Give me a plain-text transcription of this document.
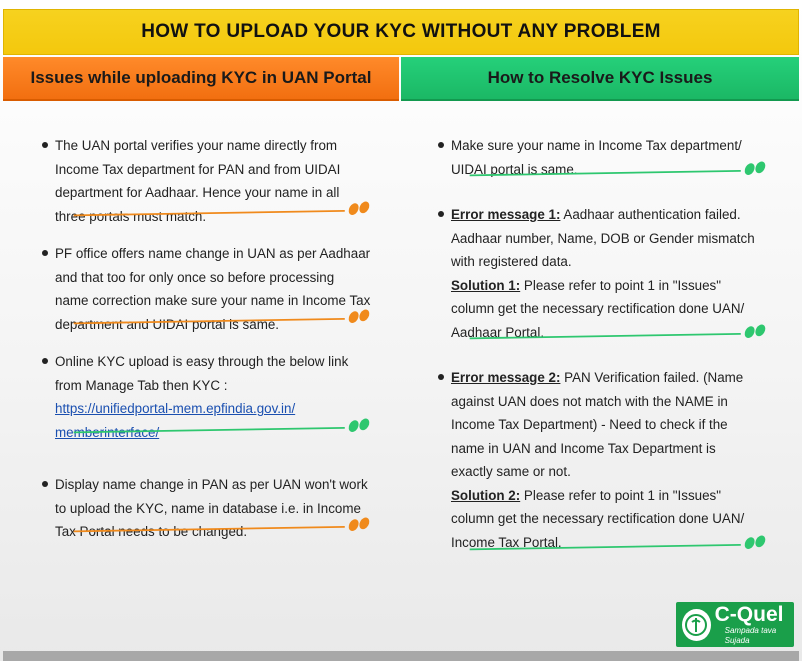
HOW TO UPLOAD YOUR KYC WITHOUT ANY PROBLEM
Issues while uploading KYC in UAN Portal	How to Resolve KYC Issues
The UAN portal verifies your name directly from
Income Tax department for PAN and from UIDAI
department for Aadhaar. Hence your name in all
three portals must match.
PF office offers name change in UAN as per Aadhaar
and that too for only once so before processing
name correction make sure your name in Income Tax
department and UIDAI portal is same.
Online KYC upload is easy through the below link
from Manage Tab then KYC :
https://unifiedportal-mem.epfindia.gov.in/
memberinterface/
Display name change in PAN as per UAN won't work
to upload the KYC, name in database i.e. in Income
Tax Portal needs to be changed.
Make sure your name in Income Tax department/
UIDAI portal is same.
Error message 1: Aadhaar authentication failed.
Aadhaar number, Name, DOB or Gender mismatch
with registered data.
Solution 1: Please refer to point 1 in "Issues"
column get the necessary rectification done UAN/
Aadhaar Portal.
Error message 2: PAN Verification failed. (Name
against UAN does not match with the NAME in
Income Tax Department) - Need to check if the
name in UAN and Income Tax Department is
exactly same or not.
Solution 2: Please refer to point 1 in "Issues"
column get the necessary rectification done UAN/
Income Tax Portal.
C-Quel
Sampada tava Sujada
